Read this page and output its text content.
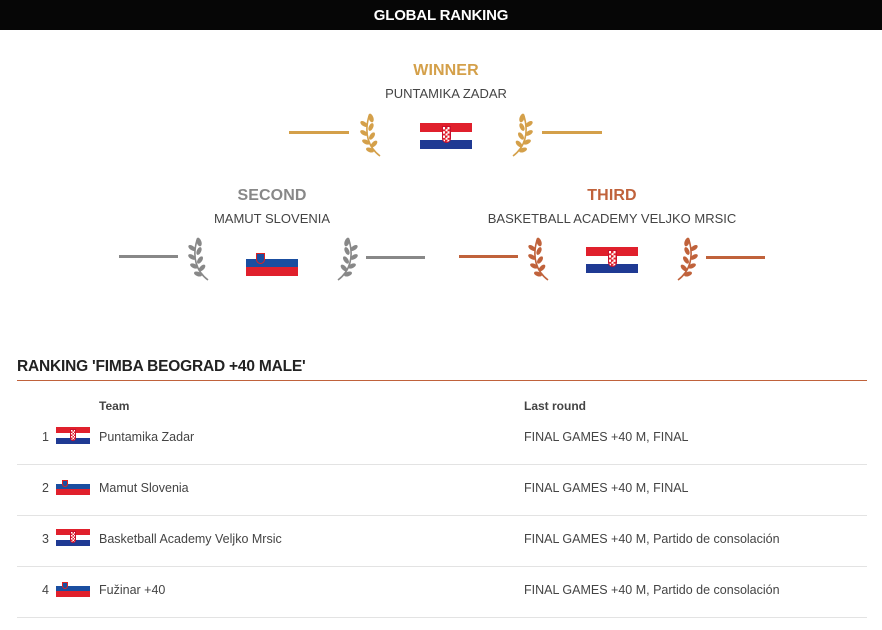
GLOBAL RANKING
WINNER
PUNTAMIKA ZADAR
SECOND
MAMUT SLOVENIA
THIRD
BASKETBALL ACADEMY VELJKO MRSIC
RANKING 'FIMBA BEOGRAD +40 MALE'
Team	Last round
1	Puntamika Zadar	FINAL GAMES +40 M, FINAL
2	Mamut Slovenia	FINAL GAMES +40 M, FINAL
3	Basketball Academy Veljko Mrsic	FINAL GAMES +40 M, Partido de consolación
4	Fužinar +40	FINAL GAMES +40 M, Partido de consolación
